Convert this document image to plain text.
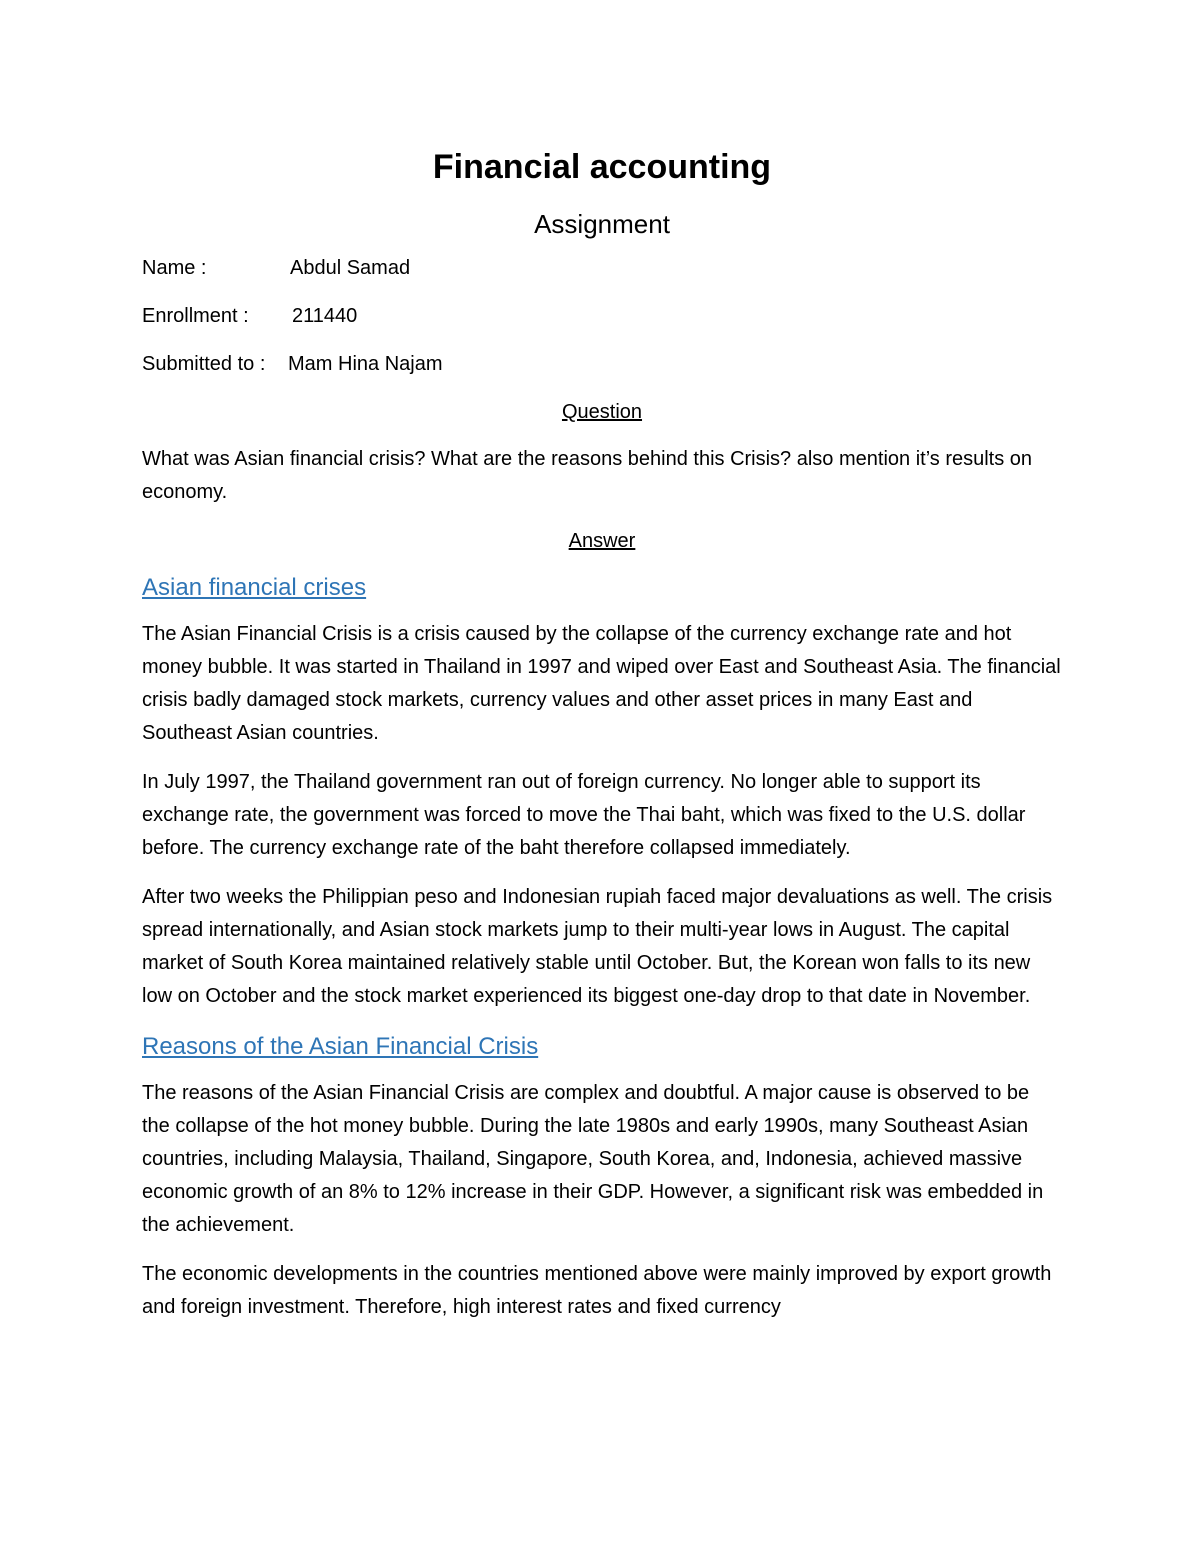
Financial accounting
Assignment
Name :	Abdul Samad
Enrollment :	211440
Submitted to :	Mam Hina Najam
Question

What was Asian financial crisis? What are the reasons behind this Crisis? also mention it’s results on economy.

Answer
Asian financial crises

The Asian Financial Crisis is a crisis caused by the collapse of the currency exchange rate and hot money bubble. It was started in Thailand in 1997 and wiped over East and Southeast Asia. The financial crisis badly damaged stock markets, currency values and other asset prices in many East and Southeast Asian countries.

In July 1997, the Thailand government ran out of foreign currency. No longer able to support its exchange rate, the government was forced to move the Thai baht, which was fixed to the U.S. dollar before. The currency exchange rate of the baht therefore collapsed immediately.

After two weeks the Philippian peso and Indonesian rupiah faced major devaluations as well. The crisis spread internationally, and Asian stock markets jump to their multi-year lows in August. The capital market of South Korea maintained relatively stable until October. But, the Korean won falls to its new low on October and the stock market experienced its biggest one-day drop to that date in November.

Reasons of the Asian Financial Crisis

The reasons of the Asian Financial Crisis are complex and doubtful. A major cause is observed to be the collapse of the hot money bubble. During the late 1980s and early 1990s, many Southeast Asian countries, including Malaysia, Thailand, Singapore, South Korea, and, Indonesia, achieved massive economic growth of an 8% to 12% increase in their GDP. However, a significant risk was embedded in the achievement.

The economic developments in the countries mentioned above were mainly improved by export growth and foreign investment. Therefore, high interest rates and fixed currency
